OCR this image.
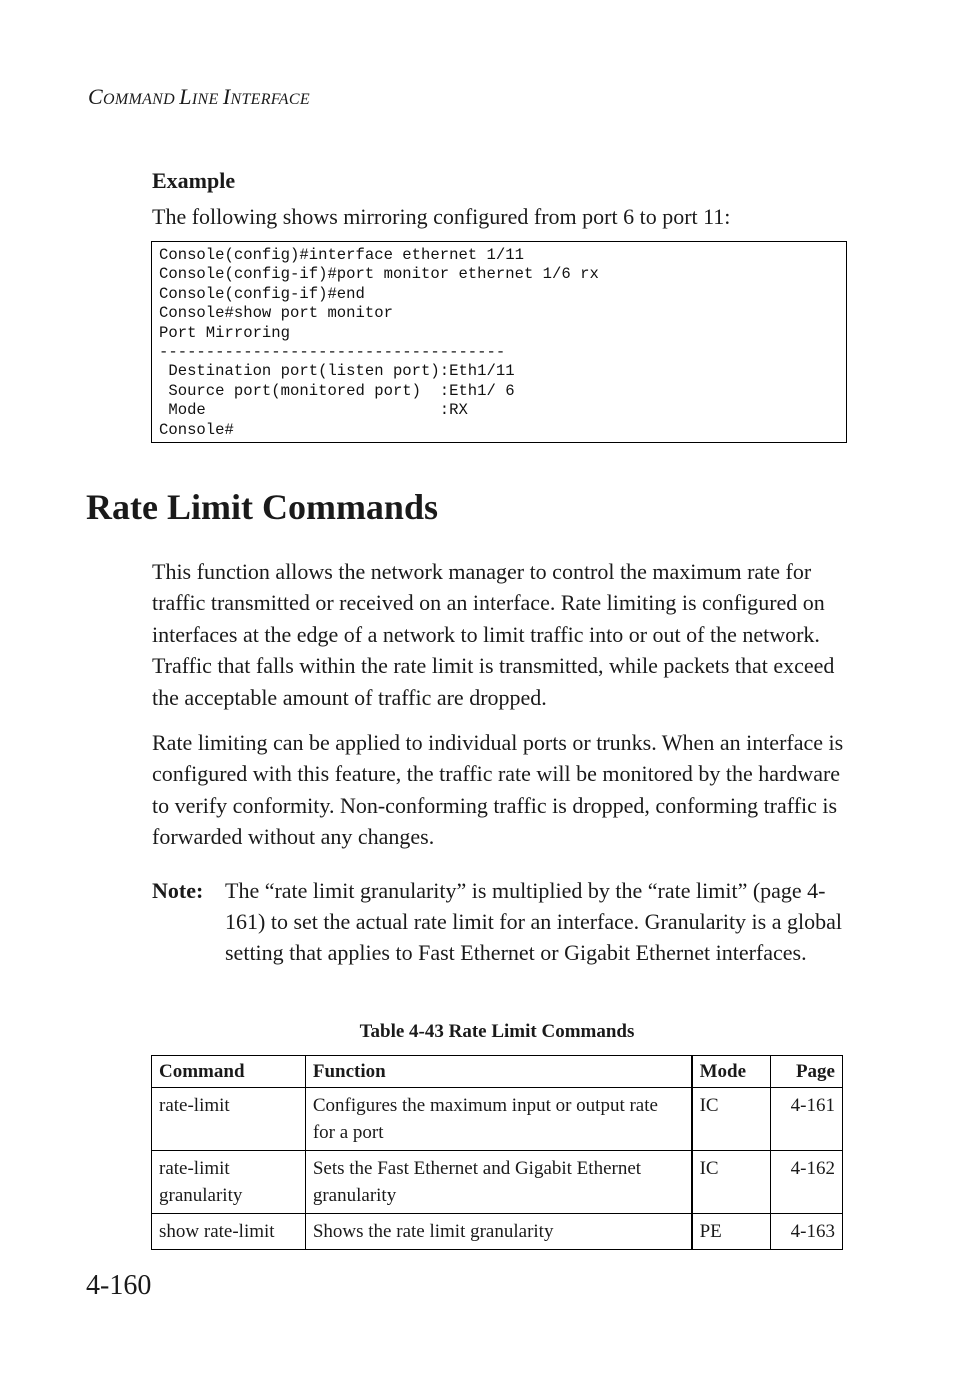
COMMAND LINE INTERFACE
Example
The following shows mirroring configured from port 6 to port 11:
Console(config)#interface ethernet 1/11
Console(config-if)#port monitor ethernet 1/6 rx
Console(config-if)#end
Console#show port monitor
Port Mirroring
-------------------------------------
Destination port(listen port):Eth1/11
Source port(monitored port)  :Eth1/ 6
Mode                         :RX
Console#
Rate Limit Commands

This function allows the network manager to control the maximum rate for traffic transmitted or received on an interface. Rate limiting is configured on interfaces at the edge of a network to limit traffic into or out of the network. Traffic that falls within the rate limit is transmitted, while packets that exceed the acceptable amount of traffic are dropped.

Rate limiting can be applied to individual ports or trunks. When an interface is configured with this feature, the traffic rate will be monitored by the hardware to verify conformity. Non-conforming traffic is dropped, conforming traffic is forwarded without any changes.

Note: The “rate limit granularity” is multiplied by the “rate limit” (page 4-161) to set the actual rate limit for an interface. Granularity is a global setting that applies to Fast Ethernet or Gigabit Ethernet interfaces.
Table 4-43 Rate Limit Commands
Command	Function	Mode	Page
rate-limit	Configures the maximum input or output rate for a port	IC	4-161
rate-limit granularity	Sets the Fast Ethernet and Gigabit Ethernet granularity	IC	4-162
show rate-limit	Shows the rate limit granularity	PE	4-163
4-160
